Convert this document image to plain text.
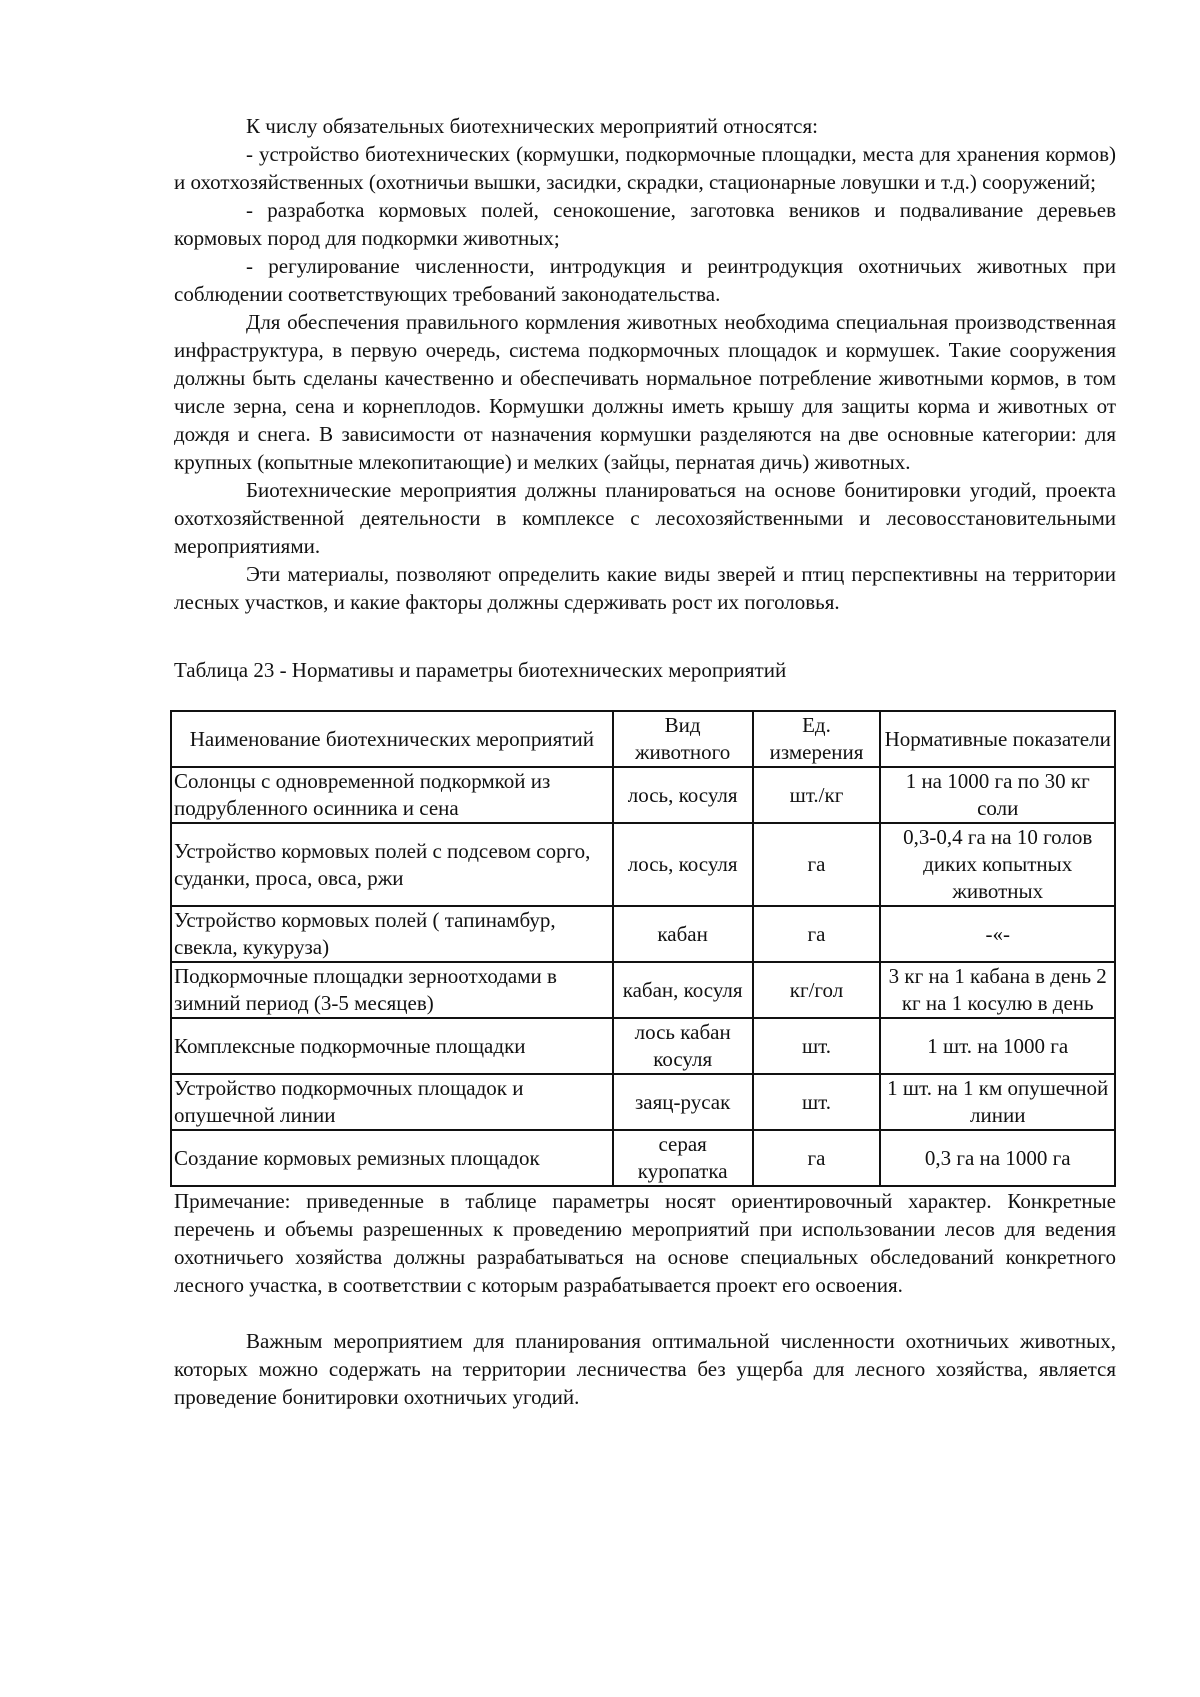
К числу обязательных биотехнических мероприятий относятся:

- устройство биотехнических (кормушки, подкормочные площадки, места для хранения кормов) и охотхозяйственных (охотничьи вышки, засидки, скрадки, стационарные ловушки и т.д.) сооружений;

- разработка кормовых полей, сенокошение, заготовка веников и подваливание деревьев кормовых пород для подкормки животных;

- регулирование численности, интродукция и реинтродукция охотничьих животных при соблюдении соответствующих требований законодательства.

Для обеспечения правильного кормления животных необходима специальная производственная инфраструктура, в первую очередь, система подкормочных площадок и кормушек. Такие сооружения должны быть сделаны качественно и обеспечивать нормальное потребление животными кормов, в том числе зерна, сена и корнеплодов. Кормушки должны иметь крышу для защиты корма и животных от дождя и снега. В зависимости от назначения кормушки разделяются на две основные категории: для крупных (копытные млекопитающие) и мелких (зайцы, пернатая дичь) животных.

Биотехнические мероприятия должны планироваться на основе бонитировки угодий, проекта охотхозяйственной деятельности в комплексе с лесохозяйственными и лесовосстановительными мероприятиями.

Эти материалы, позволяют определить какие виды зверей и птиц перспективны на территории лесных участков, и какие факторы должны сдерживать рост их поголовья.

Таблица 23 - Нормативы и параметры биотехнических мероприятий

Наименование биотехнических мероприятий	Вид животного	Ед. измерения	Нормативные показатели
Солонцы с одновременной подкормкой из подрубленного осинника и сена	лось, косуля	шт./кг	1 на 1000 га по 30 кг соли
Устройство кормовых полей с подсевом сорго, суданки, проса, овса, ржи	лось, косуля	га	0,3-0,4 га на 10 голов диких копытных животных
Устройство кормовых полей ( тапинамбур, свекла, кукуруза)	кабан	га	-«-
Подкормочные площадки зерноотходами в зимний период (3-5 месяцев)	кабан, косуля	кг/гол	3 кг на 1 кабана в день 2 кг на 1 косулю в день
Комплексные подкормочные площадки	лось кабан косуля	шт.	1 шт. на 1000 га
Устройство подкормочных площадок и опушечной линии	заяц-русак	шт.	1 шт. на 1 км опушечной линии
Создание кормовых ремизных площадок	серая куропатка	га	0,3 га на 1000 га

Примечание: приведенные в таблице параметры носят ориентировочный характер. Конкретные перечень и объемы разрешенных к проведению мероприятий при использовании лесов для ведения охотничьего хозяйства должны разрабатываться на основе специальных обследований конкретного лесного участка, в соответствии с которым разрабатывается проект его освоения.

Важным мероприятием для планирования оптимальной численности охотничьих животных, которых можно содержать на территории лесничества без ущерба для лесного хозяйства, является проведение бонитировки охотничьих угодий.
